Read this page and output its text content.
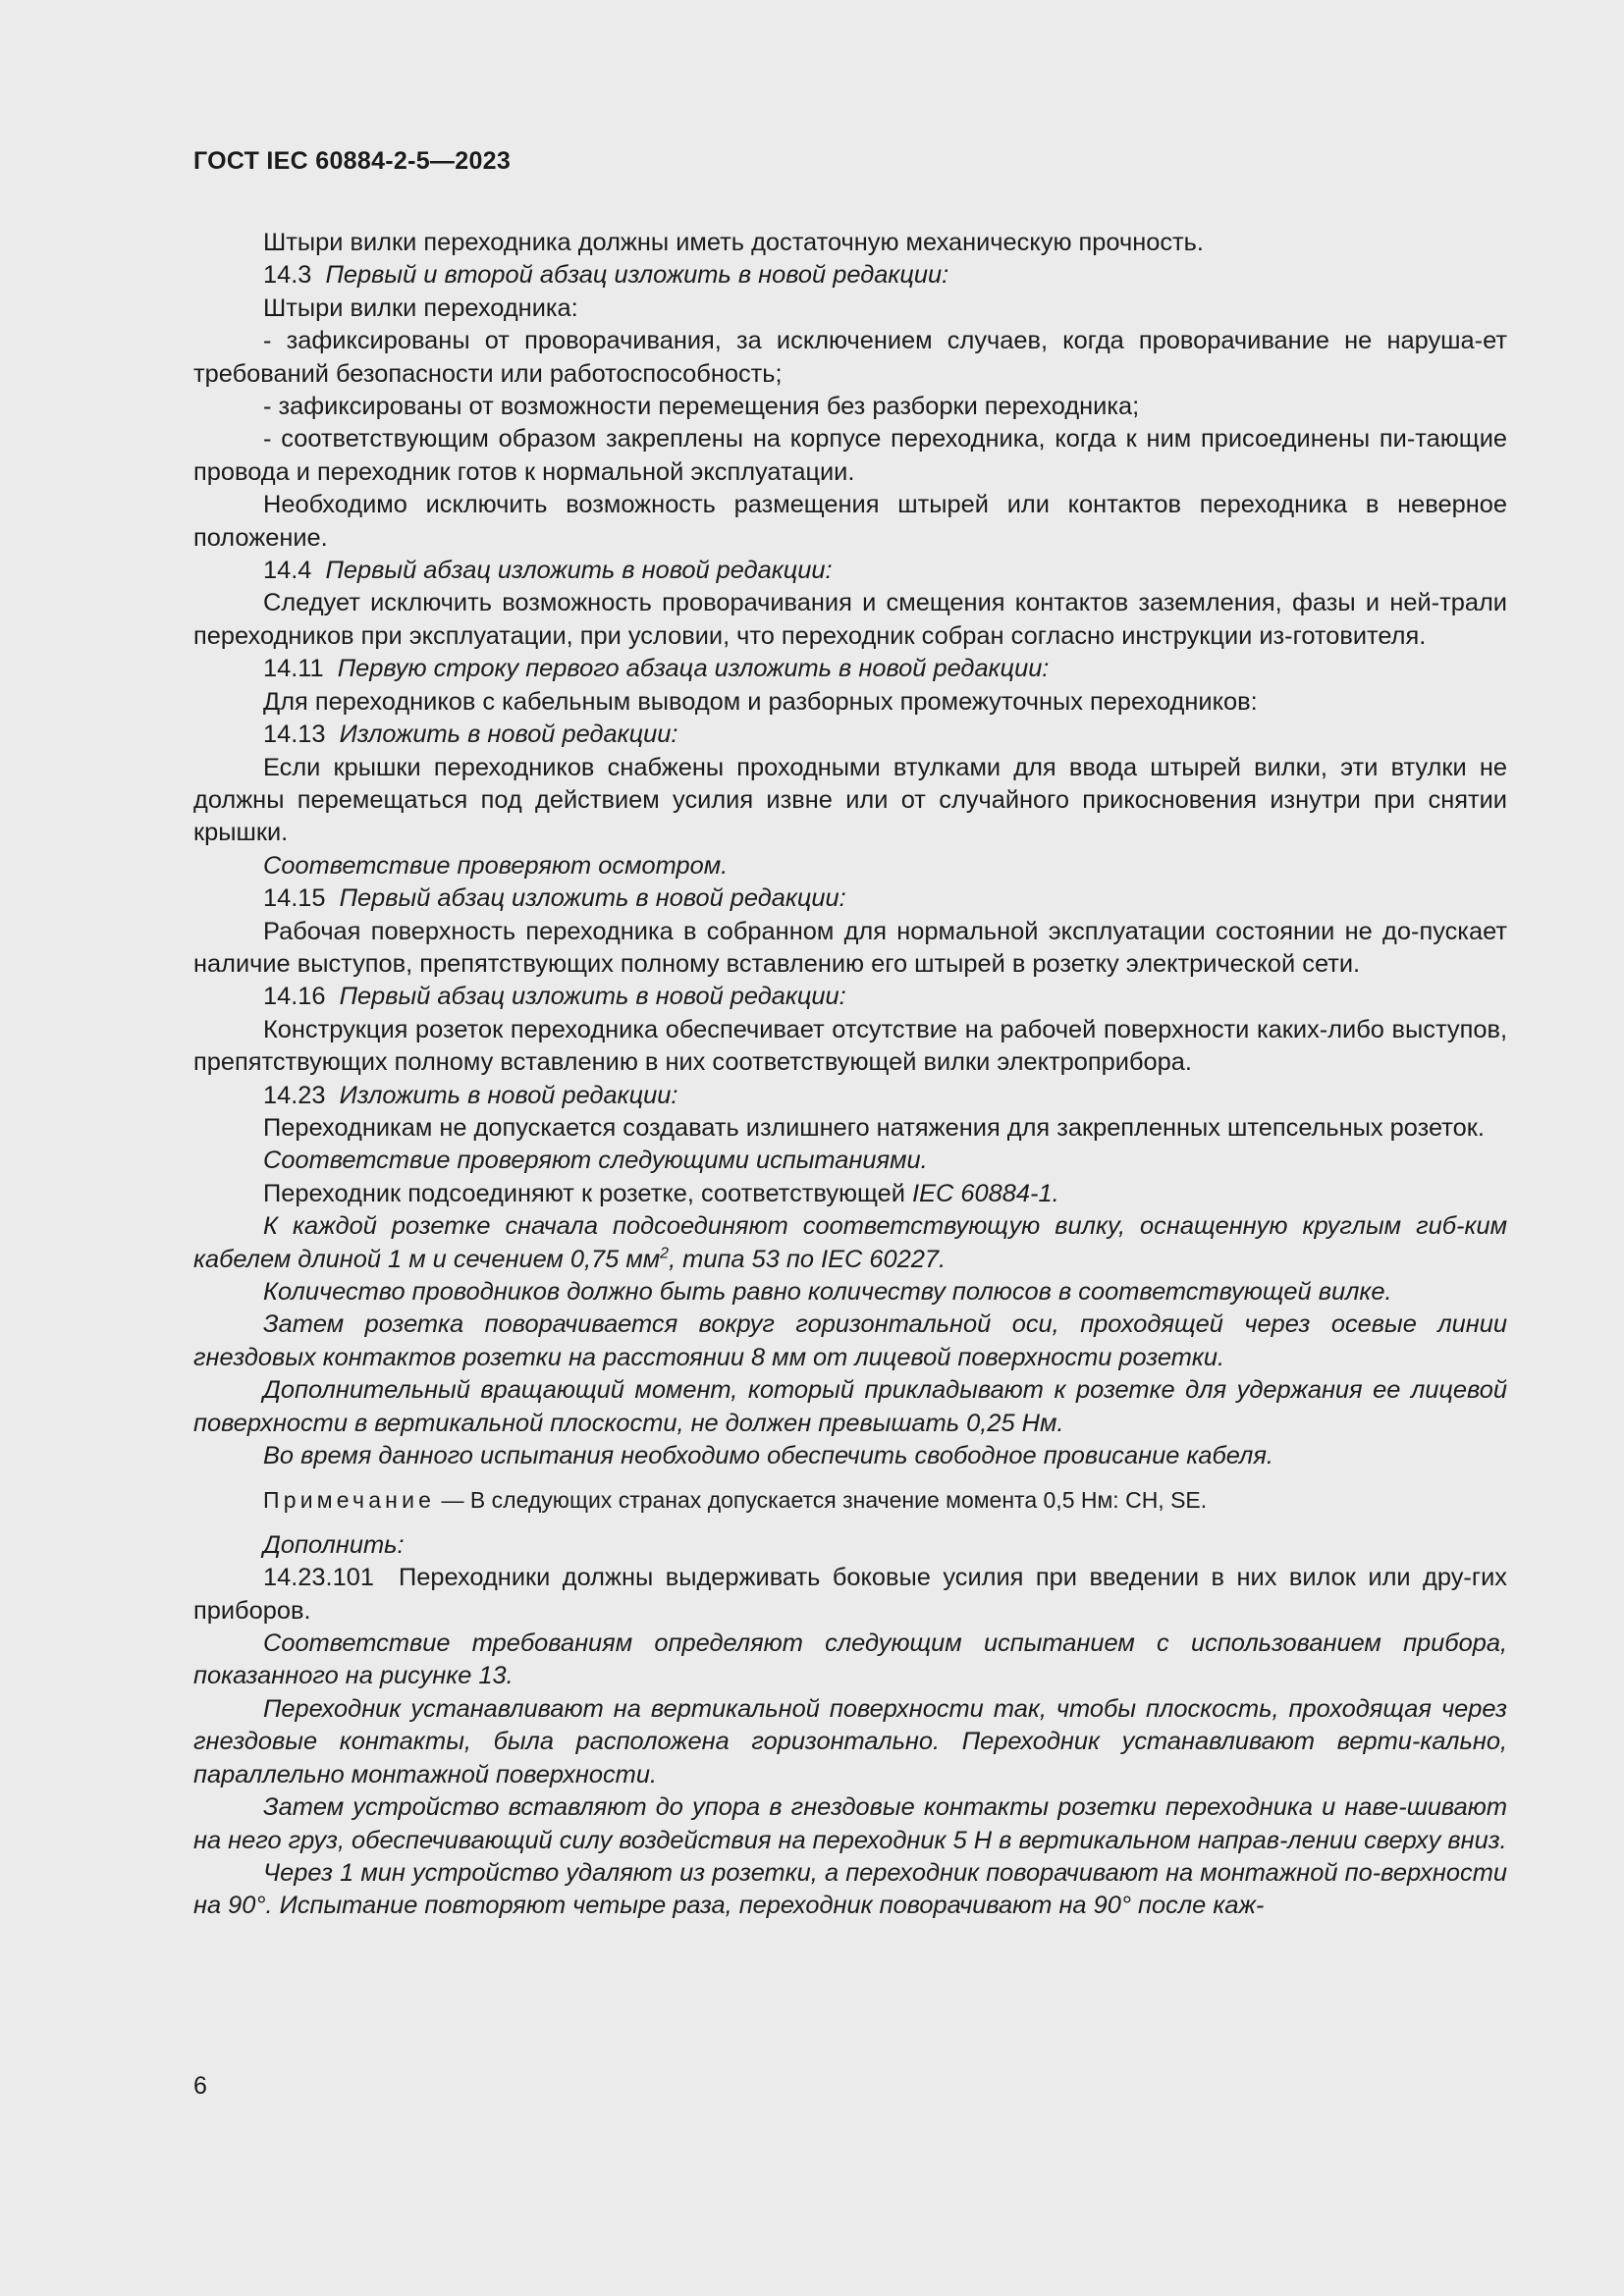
ГОСТ IEC 60884-2-5—2023

Штыри вилки переходника должны иметь достаточную механическую прочность.

14.3 Первый и второй абзац изложить в новой редакции:

Штыри вилки переходника:

- зафиксированы от проворачивания, за исключением случаев, когда проворачивание не наруша-ет требований безопасности или работоспособность;

- зафиксированы от возможности перемещения без разборки переходника;

- соответствующим образом закреплены на корпусе переходника, когда к ним присоединены пи-тающие провода и переходник готов к нормальной эксплуатации.

Необходимо исключить возможность размещения штырей или контактов переходника в неверное положение.

14.4 Первый абзац изложить в новой редакции:

Следует исключить возможность проворачивания и смещения контактов заземления, фазы и ней-трали переходников при эксплуатации, при условии, что переходник собран согласно инструкции из-готовителя.

14.11 Первую строку первого абзаца изложить в новой редакции:

Для переходников с кабельным выводом и разборных промежуточных переходников:

14.13 Изложить в новой редакции:

Если крышки переходников снабжены проходными втулками для ввода штырей вилки, эти втулки не должны перемещаться под действием усилия извне или от случайного прикосновения изнутри при снятии крышки.

Соответствие проверяют осмотром.

14.15 Первый абзац изложить в новой редакции:

Рабочая поверхность переходника в собранном для нормальной эксплуатации состоянии не до-пускает наличие выступов, препятствующих полному вставлению его штырей в розетку электрической сети.

14.16 Первый абзац изложить в новой редакции:

Конструкция розеток переходника обеспечивает отсутствие на рабочей поверхности каких-либо выступов, препятствующих полному вставлению в них соответствующей вилки электроприбора.

14.23 Изложить в новой редакции:

Переходникам не допускается создавать излишнего натяжения для закрепленных штепсельных розеток.

Соответствие проверяют следующими испытаниями.

Переходник подсоединяют к розетке, соответствующей IEC 60884-1.

К каждой розетке сначала подсоединяют соответствующую вилку, оснащенную круглым гиб-ким кабелем длиной 1 м и сечением 0,75 $мм^2$, типа 53 по IEC 60227.

Количество проводников должно быть равно количеству полюсов в соответствующей вилке.

Затем розетка поворачивается вокруг горизонтальной оси, проходящей через осевые линии гнездовых контактов розетки на расстоянии 8 мм от лицевой поверхности розетки.

Дополнительный вращающий момент, который прикладывают к розетке для удержания ее лицевой поверхности в вертикальной плоскости, не должен превышать 0,25 Нм.

Во время данного испытания необходимо обеспечить свободное провисание кабеля.

Примечание — В следующих странах допускается значение момента 0,5 Нм: CH, SE.

Дополнить:

14.23.101 Переходники должны выдерживать боковые усилия при введении в них вилок или дру-гих приборов.

Соответствие требованиям определяют следующим испытанием с использованием прибора, показанного на рисунке 13.

Переходник устанавливают на вертикальной поверхности так, чтобы плоскость, проходящая через гнездовые контакты, была расположена горизонтально. Переходник устанавливают верти-кально, параллельно монтажной поверхности.

Затем устройство вставляют до упора в гнездовые контакты розетки переходника и наве-шивают на него груз, обеспечивающий силу воздействия на переходник 5 Н в вертикальном направ-лении сверху вниз.

Через 1 мин устройство удаляют из розетки, а переходник поворачивают на монтажной по-верхности на 90°. Испытание повторяют четыре раза, переходник поворачивают на 90° после каж-

6
